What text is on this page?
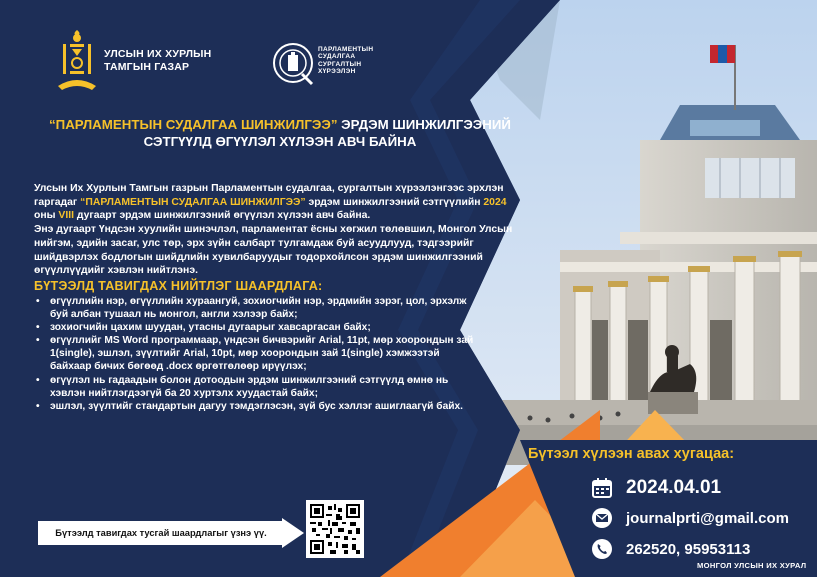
УЛСЫН ИХ ХУРЛЫН
ТАМГЫН ГАЗАР
ПАРЛАМЕНТЫН
СУДАЛГАА
СУРГАЛТЫН
ХҮРЭЭЛЭН
“ПАРЛАМЕНТЫН СУДАЛГАА ШИНЖИЛГЭЭ” ЭРДЭМ ШИНЖИЛГЭЭНИЙ
СЭТГҮҮЛД ӨГҮҮЛЭЛ ХҮЛЭЭН АВЧ БАЙНА

Улсын Их Хурлын Тамгын газрын Парламентын судалгаа, сургалтын хүрээлэнгээс эрхлэн гаргадаг “ПАРЛАМЕНТЫН СУДАЛГАА ШИНЖИЛГЭЭ” эрдэм шинжилгээний сэтгүүлийн 2024 оны VIII дугаарт эрдэм шинжилгээний өгүүлэл хүлээн авч байна.

Энэ дугаарт Үндсэн хуулийн шинэчлэл, парламентат ёсны хөгжил төлөвшил, Монгол Улсын нийгэм, эдийн засаг, улс төр, эрх зүйн салбарт тулгамдаж буй асуудлууд, тэдгээрийг шийдвэрлэх бодлогын шийдлийн хувилбаруудыг тодорхойлсон эрдэм шинжилгээний өгүүллүүдийг хэвлэн нийтлэнэ.

БҮТЭЭЛД ТАВИГДАХ НИЙТЛЭГ ШААРДЛАГА:
• өгүүллийн нэр, өгүүллийн хураангуй, зохиогчийн нэр, эрдмийн зэрэг, цол, эрхэлж буй албан тушаал нь монгол, англи хэлээр байх;
• зохиогчийн цахим шуудан, утасны дугаарыг хавсаргасан байх;
• өгүүллийг MS Word программаар, үндсэн бичвэрийг Arial, 11pt, мөр хоорондын зай 1(single), эшлэл, зүүлтийг Arial, 10pt, мөр хоорондын зай 1(single) хэмжээтэй байхаар бичих бөгөөд .docx өргөтгөлөөр ирүүлэх;
• өгүүлэл нь гадаадын болон дотоодын эрдэм шинжилгээний сэтгүүлд өмнө нь хэвлэн нийтлэгдээгүй ба 20 хуртэлх хуудастай байх;
• эшлэл, зүүлтийг стандартын дагуу тэмдэглэсэн, зүй бус хэллэг ашиглаагүй байх.
Бүтээлд тавигдах тусгай шаардлагыг үзнэ үү.
Бүтээл хүлээн авах хугацаа:
2024.04.01
journalprti@gmail.com
262520, 95953113
МОНГОЛ УЛСЫН ИХ ХУРАЛ
